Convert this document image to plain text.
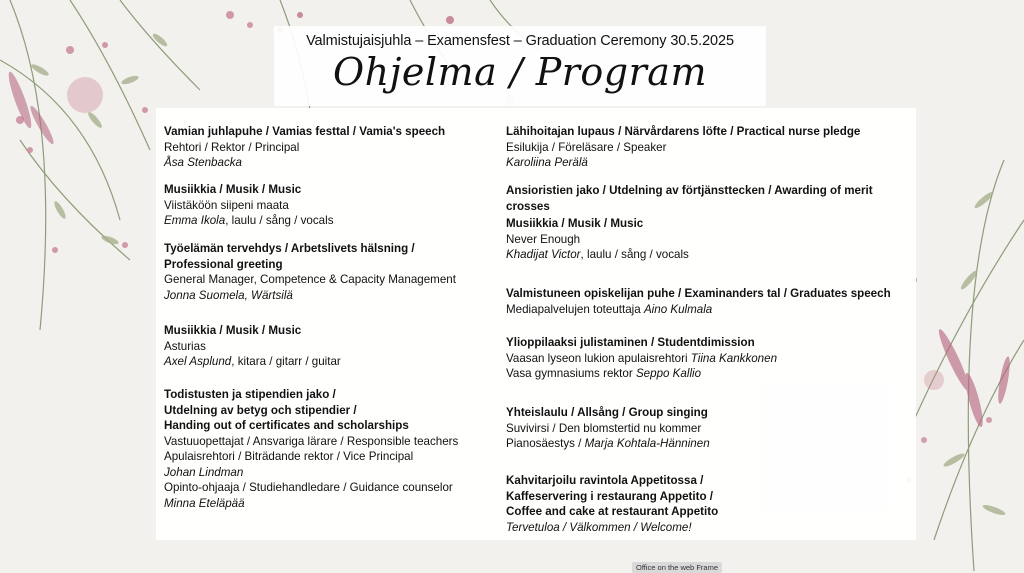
Valmistujaisjuhla – Examensfest – Graduation Ceremony 30.5.2025
Ohjelma / Program
Vamian juhlapuhe / Vamias festtal / Vamia's speech
Rehtori / Rektor / Principal
Åsa Stenbacka
Musiikkia / Musik / Music
Viistäköön siipeni maata
Emma Ikola, laulu / sång / vocals
Työelämän tervehdys / Arbetslivets hälsning /
Professional greeting
General Manager, Competence & Capacity Management
Jonna Suomela, Wärtsilä
Musiikkia / Musik / Music
Asturias
Axel Asplund, kitara / gitarr / guitar
Todistusten ja stipendien jako /
Utdelning av betyg och stipendier /
Handing out of certificates and scholarships
Vastuuopettajat / Ansvariga lärare / Responsible teachers
Apulaisrehtori / Biträdande rektor / Vice Principal
Johan Lindman
Opinto-ohjaaja / Studiehandledare / Guidance counselor
Minna Eteläpää
Lähihoitajan lupaus / Närvårdarens löfte / Practical nurse pledge
Esilukija / Föreläsare / Speaker
Karoliina Perälä
Ansioristien jako / Utdelning av förtjänsttecken / Awarding of merit crosses
Musiikkia / Musik / Music
Never Enough
Khadijat Victor, laulu / sång / vocals
Valmistuneen opiskelijan puhe / Examinanders tal / Graduates speech
Mediapalvelujen toteuttaja Aino Kulmala
Ylioppilaaksi julistaminen / Studentdimission
Vaasan lyseon lukion apulaisrehtori Tiina Kankkonen
Vasa gymnasiums rektor Seppo Kallio
Yhteislaulu / Allsång / Group singing
Suvivirsi / Den blomstertid nu kommer
Pianosäestys / Marja Kohtala-Hänninen
Kahvitarjoilu ravintola Appetitossa /
Kaffeservering i restaurang Appetito /
Coffee and cake at restaurant Appetito
Tervetuloa / Välkommen / Welcome!
Office on the web Frame
